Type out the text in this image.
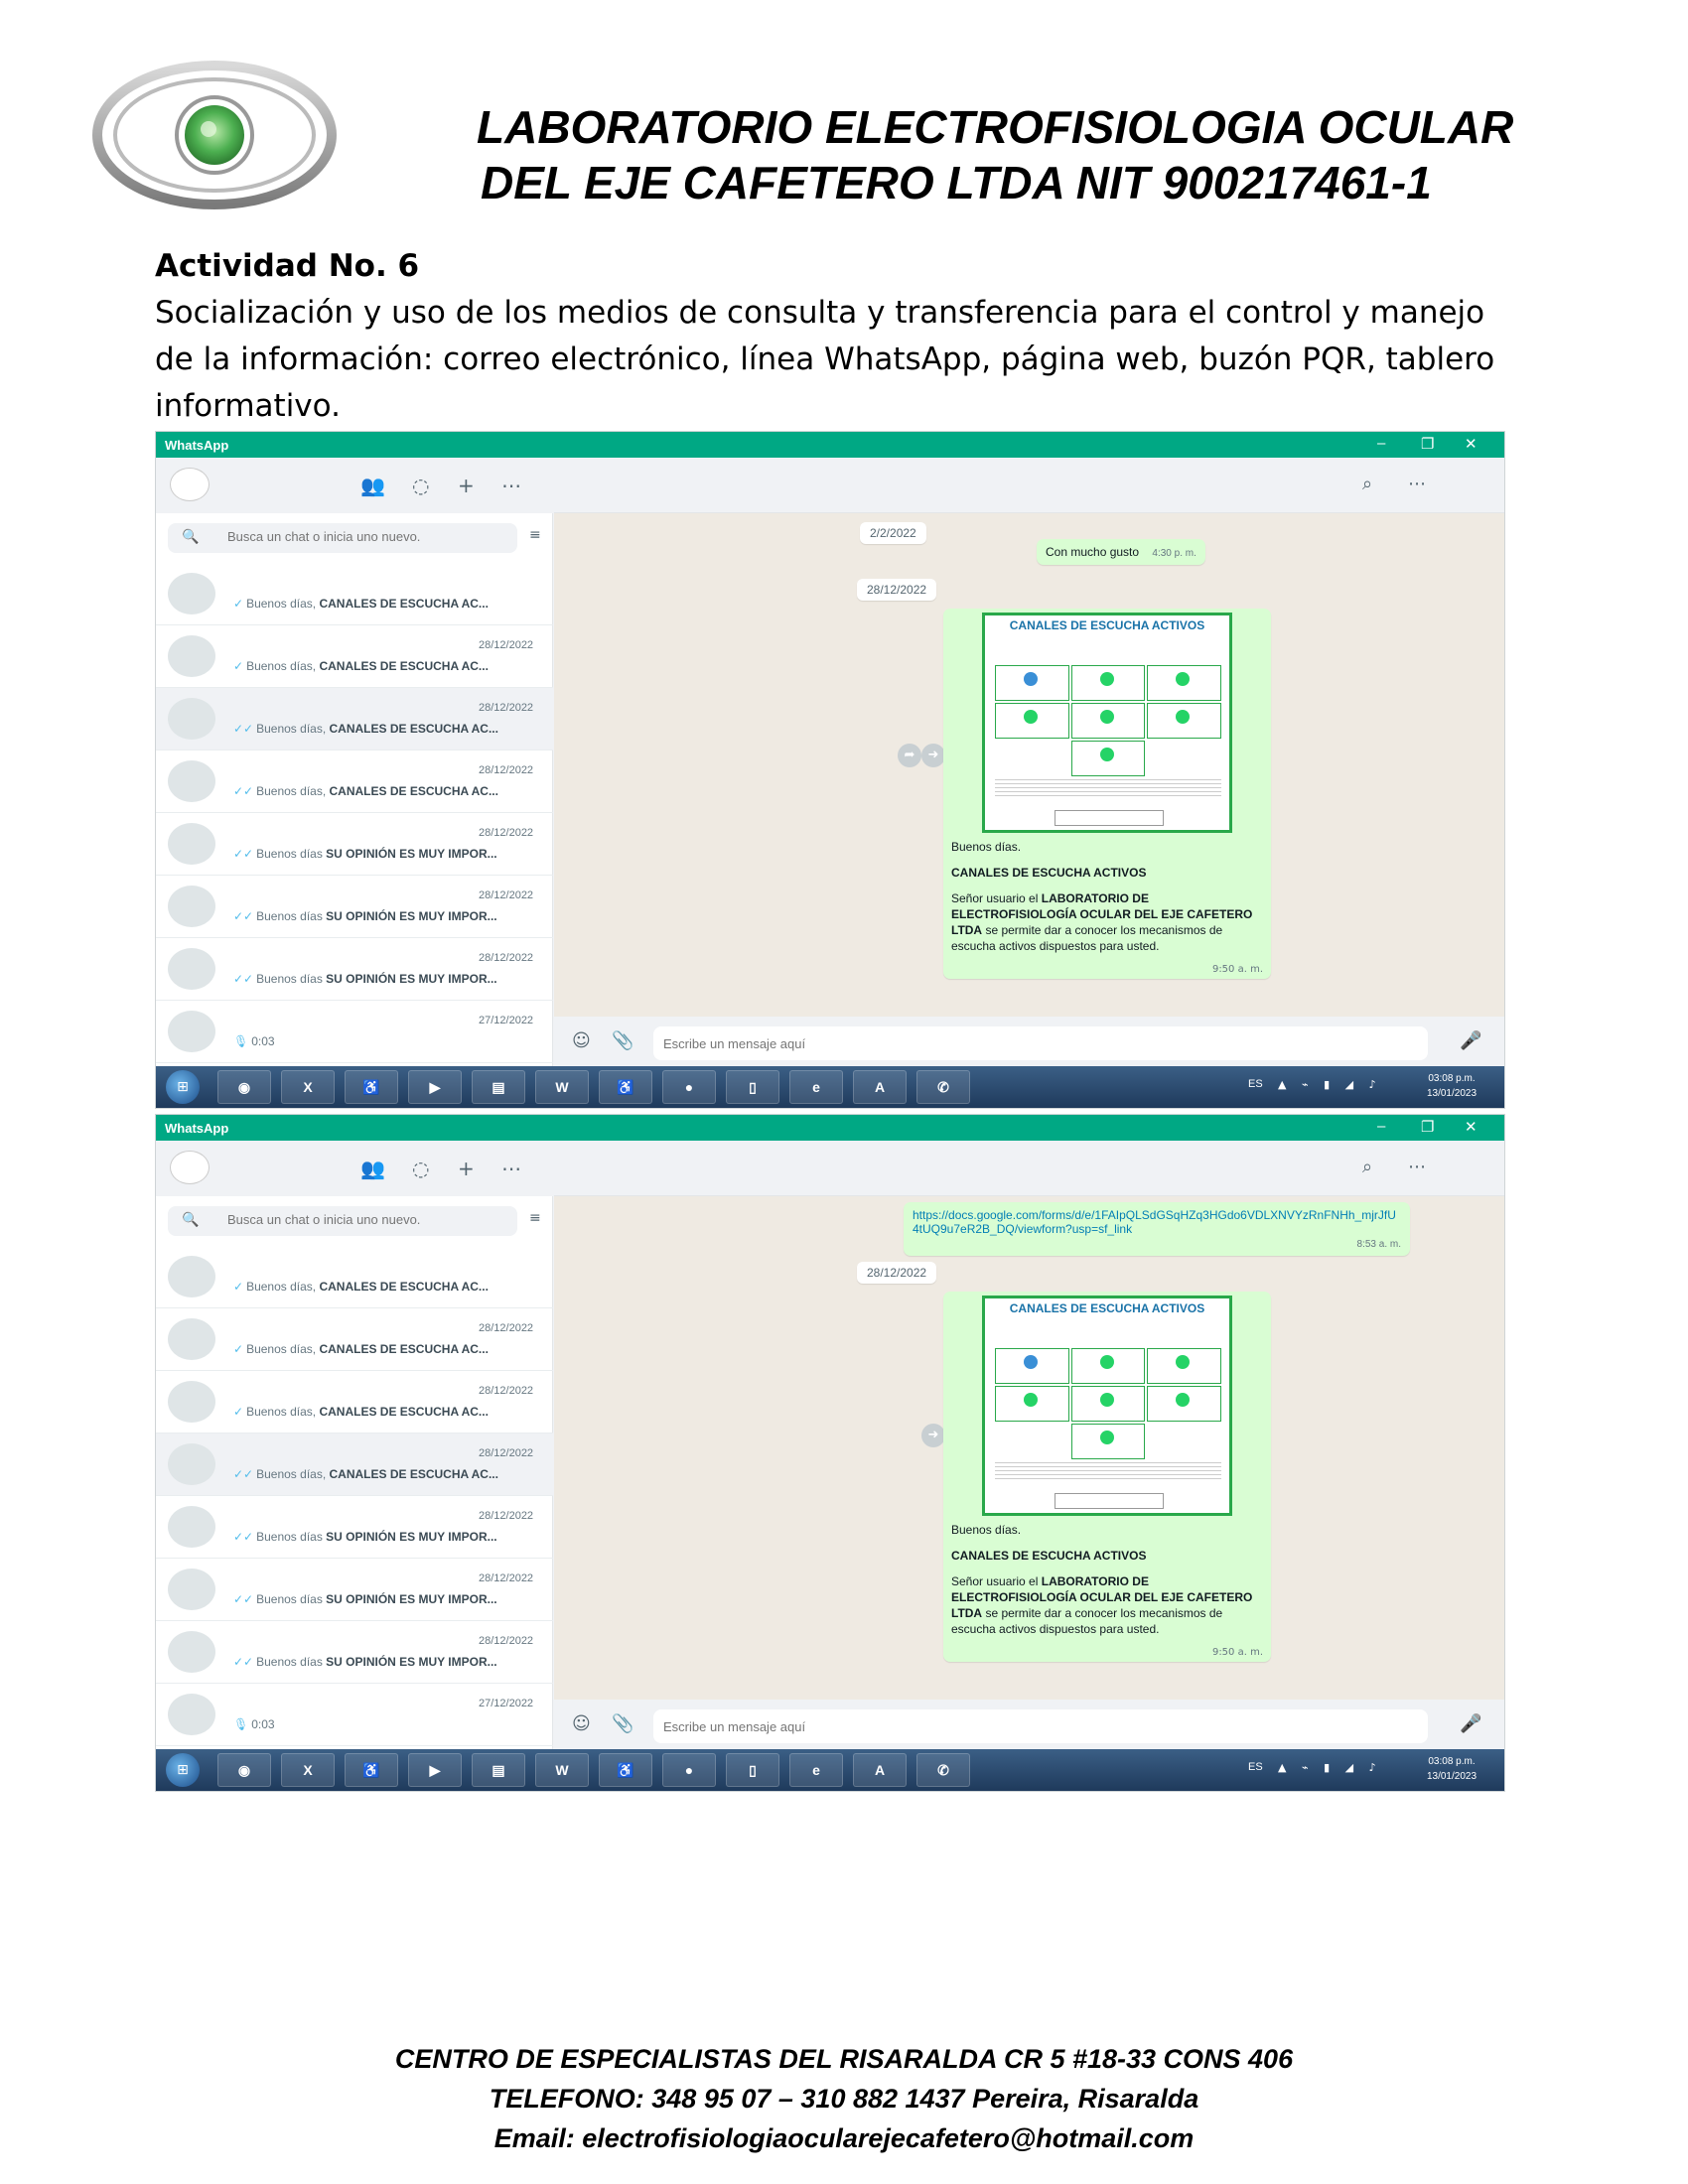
LABORATORIO ELECTROFISIOLOGIA OCULAR
DEL EJE CAFETERO LTDA NIT 900217461-1
Actividad No. 6
Socialización y uso de los medios de consulta y transferencia para el control y manejo de la información: correo electrónico, línea WhatsApp, página web, buzón PQR, tablero informativo.
WhatsApp	– ❐ ✕
👥 ◌ + ⋯
🔍
Busca un chat o inicia uno nuevo.	≡
✓ Buenos días, CANALES DE ESCUCHA AC...
28/12/2022
✓ Buenos días, CANALES DE ESCUCHA AC...
28/12/2022
✓✓ Buenos días, CANALES DE ESCUCHA AC...
28/12/2022
✓✓ Buenos días, CANALES DE ESCUCHA AC...
28/12/2022
✓✓ Buenos días SU OPINIÓN ES MUY IMPOR...
28/12/2022
✓✓ Buenos días SU OPINIÓN ES MUY IMPOR...
28/12/2022
✓✓ Buenos días SU OPINIÓN ES MUY IMPOR...
27/12/2022
🎙 0:03
⌕ ⋯
2/2/2022
Con mucho gusto 4:30 p. m.
28/12/2022
➦	➜
CANALES DE ESCUCHA ACTIVOS

Buenos días.

CANALES DE ESCUCHA ACTIVOS

Señor usuario el LABORATORIO DE ELECTROFISIOLOGÍA OCULAR DEL EJE CAFETERO LTDA se permite dar a conocer los mecanismos de escucha activos dispuestos para usted.

9:50 a. m.
☺ 📎
Escribe un mensaje aquí	🎤
⊞	◉	X	♿	▶	▤	W	♿	●	▯	e	A	✆	ES ▲ ⌁ ▮ ◢ ♪	03:08 p.m.
13/01/2023
WhatsApp	– ❐ ✕
👥 ◌ + ⋯
🔍
Busca un chat o inicia uno nuevo.	≡
✓ Buenos días, CANALES DE ESCUCHA AC...
28/12/2022
✓ Buenos días, CANALES DE ESCUCHA AC...
28/12/2022
✓ Buenos días, CANALES DE ESCUCHA AC...
28/12/2022
✓✓ Buenos días, CANALES DE ESCUCHA AC...
28/12/2022
✓✓ Buenos días SU OPINIÓN ES MUY IMPOR...
28/12/2022
✓✓ Buenos días SU OPINIÓN ES MUY IMPOR...
28/12/2022
✓✓ Buenos días SU OPINIÓN ES MUY IMPOR...
27/12/2022
🎙 0:03
⌕ ⋯
https://docs.google.com/forms/d/e/1FAIpQLSdGSqHZq3HGdo6VDLXNVYzRnFNHh_mjrJfU4tUQ9u7eR2B_DQ/viewform?usp=sf_link
8:53 a. m.
28/12/2022
➜
CANALES DE ESCUCHA ACTIVOS

Buenos días.

CANALES DE ESCUCHA ACTIVOS

Señor usuario el LABORATORIO DE ELECTROFISIOLOGÍA OCULAR DEL EJE CAFETERO LTDA se permite dar a conocer los mecanismos de escucha activos dispuestos para usted.

9:50 a. m.
☺ 📎
Escribe un mensaje aquí	🎤
⊞	◉	X	♿	▶	▤	W	♿	●	▯	e	A	✆	ES ▲ ⌁ ▮ ◢ ♪	03:08 p.m.
13/01/2023
CENTRO DE ESPECIALISTAS DEL RISARALDA CR 5 #18-33 CONS 406
TELEFONO: 348 95 07 – 310 882 1437 Pereira, Risaralda
Email: electrofisiologiaocularejecafetero@hotmail.com
